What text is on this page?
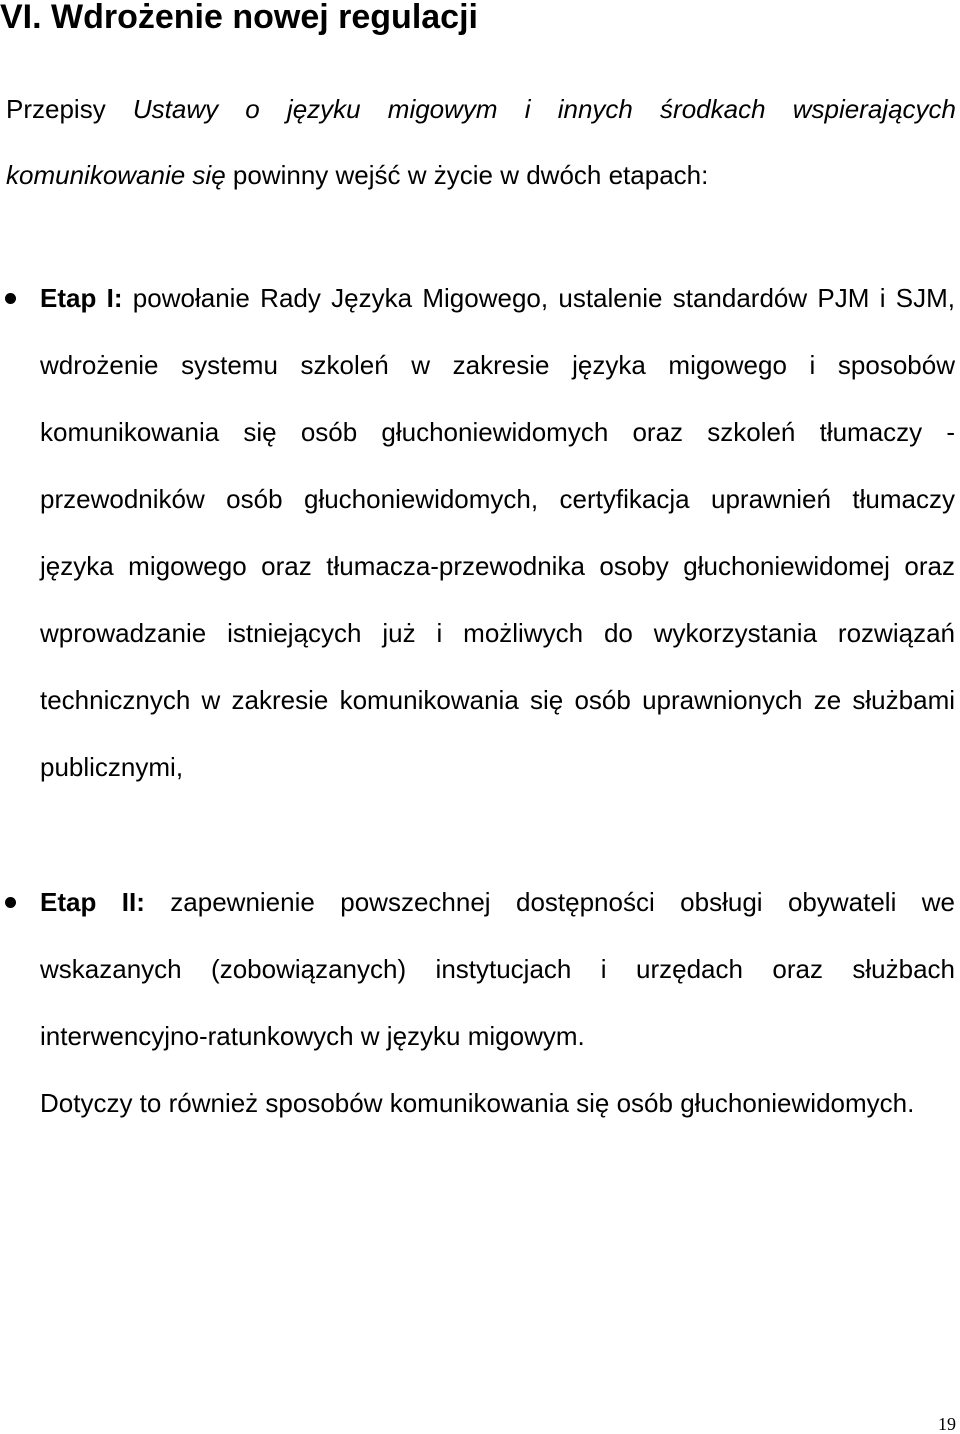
VI. Wdrożenie nowej regulacji

Przepisy Ustawy o języku migowym i innych środkach wspierających
komunikowanie się powinny wejść w życie w dwóch etapach:

Etap I: powołanie Rady Języka Migowego, ustalenie standardów PJM i SJM, wdrożenie systemu szkoleń w zakresie języka migowego i sposobów komunikowania się osób głuchoniewidomych oraz szkoleń tłumaczy - przewodników osób głuchoniewidomych, certyfikacja uprawnień tłumaczy języka migowego oraz tłumacza-przewodnika osoby głuchoniewidomej oraz wprowadzanie istniejących już i możliwych do wykorzystania rozwiązań technicznych w zakresie komunikowania się osób uprawnionych ze służbami publicznymi,
Etap II: zapewnienie powszechnej dostępności obsługi obywateli we wskazanych (zobowiązanych) instytucjach i urzędach oraz służbach interwencyjno-ratunkowych w języku migowym.
Dotyczy to również sposobów komunikowania się osób głuchoniewidomych.
19
